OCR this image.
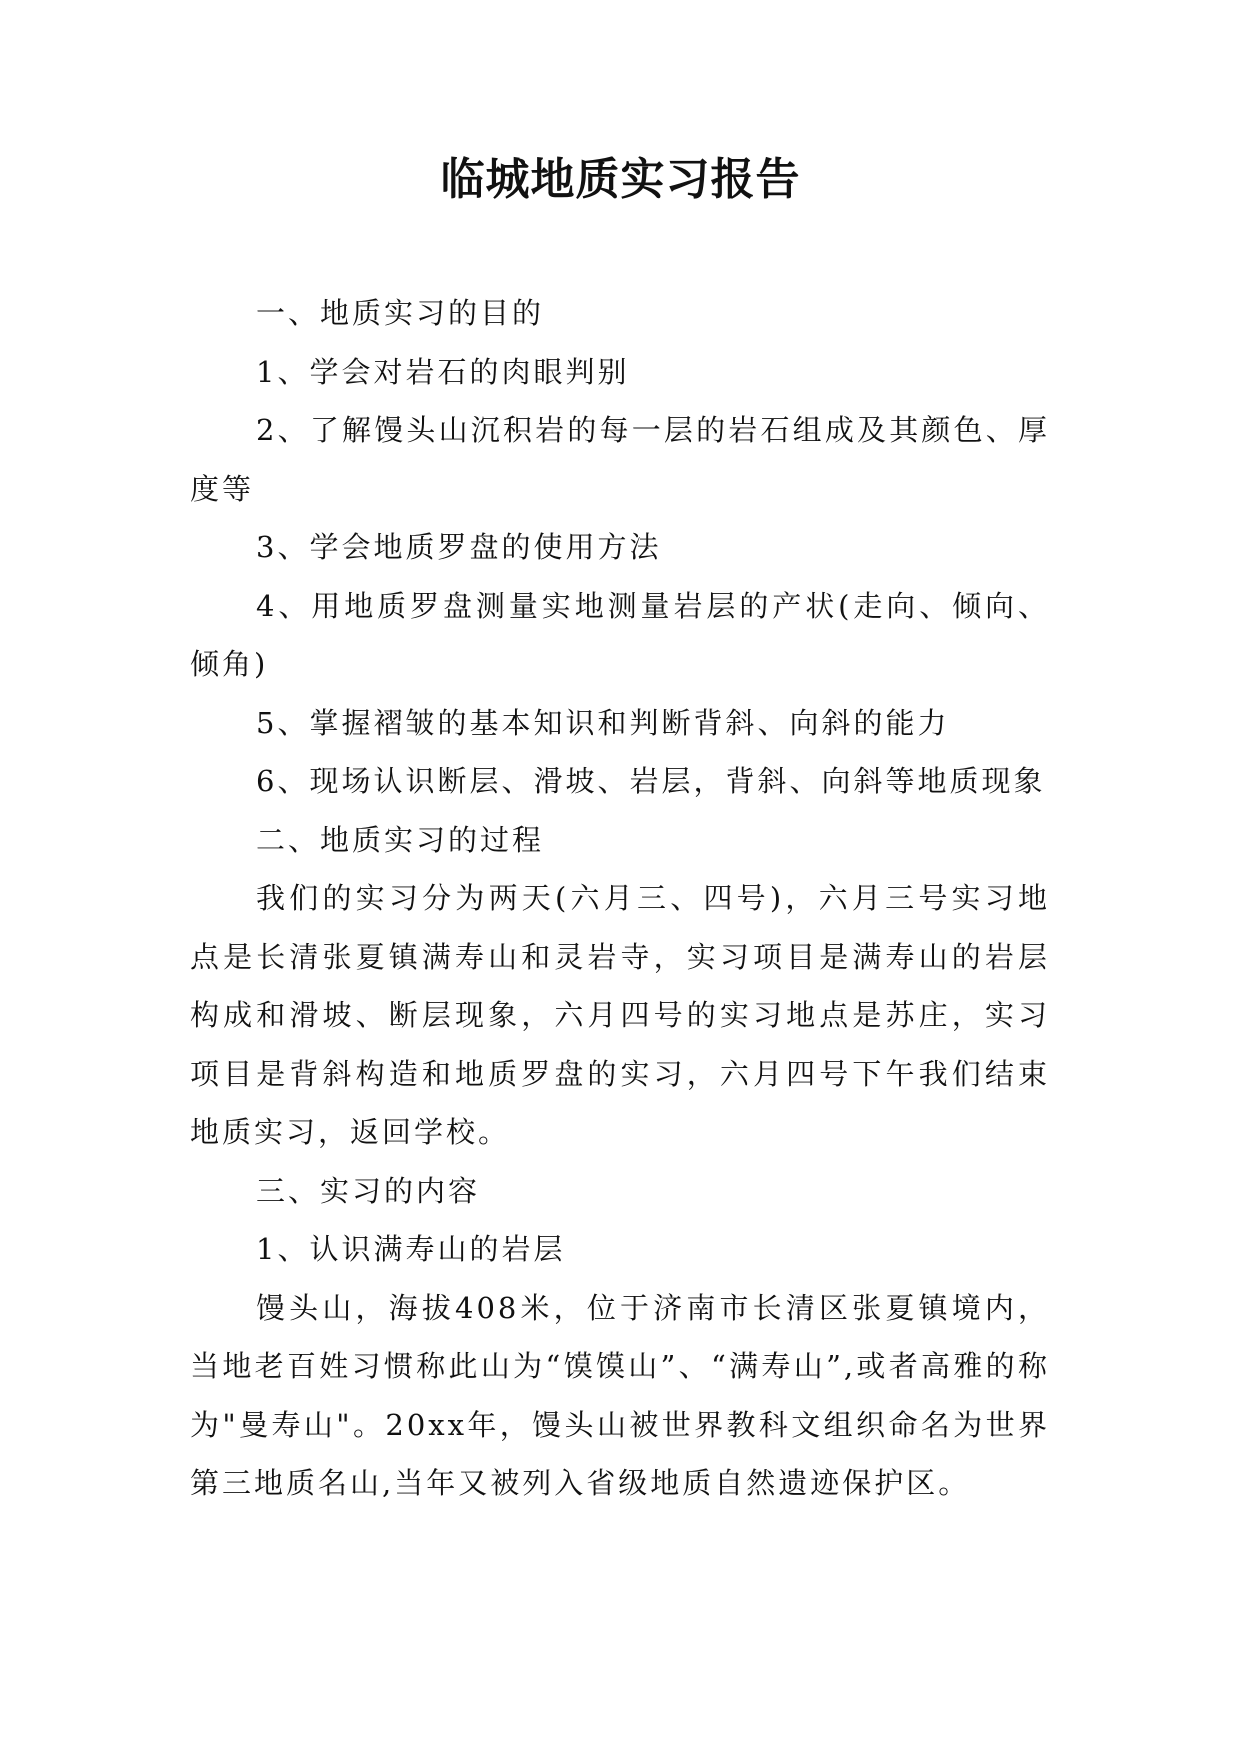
临城地质实习报告

一、地质实习的目的

1、学会对岩石的肉眼判别

2、了解馒头山沉积岩的每一层的岩石组成及其颜色、厚度等

3、学会地质罗盘的使用方法

4、用地质罗盘测量实地测量岩层的产状(走向、倾向、倾角)

5、掌握褶皱的基本知识和判断背斜、向斜的能力

6、现场认识断层、滑坡、岩层，背斜、向斜等地质现象

二、地质实习的过程

我们的实习分为两天(六月三、四号)，六月三号实习地点是长清张夏镇满寿山和灵岩寺，实习项目是满寿山的岩层构成和滑坡、断层现象，六月四号的实习地点是苏庄，实习项目是背斜构造和地质罗盘的实习，六月四号下午我们结束地质实习，返回学校。

三、实习的内容

1、认识满寿山的岩层

馒头山，海拔408米，位于济南市长清区张夏镇境内，当地老百姓习惯称此山为“馍馍山”、“满寿山”,或者高雅的称为"曼寿山"。20xx年，馒头山被世界教科文组织命名为世界第三地质名山,当年又被列入省级地质自然遗迹保护区。
